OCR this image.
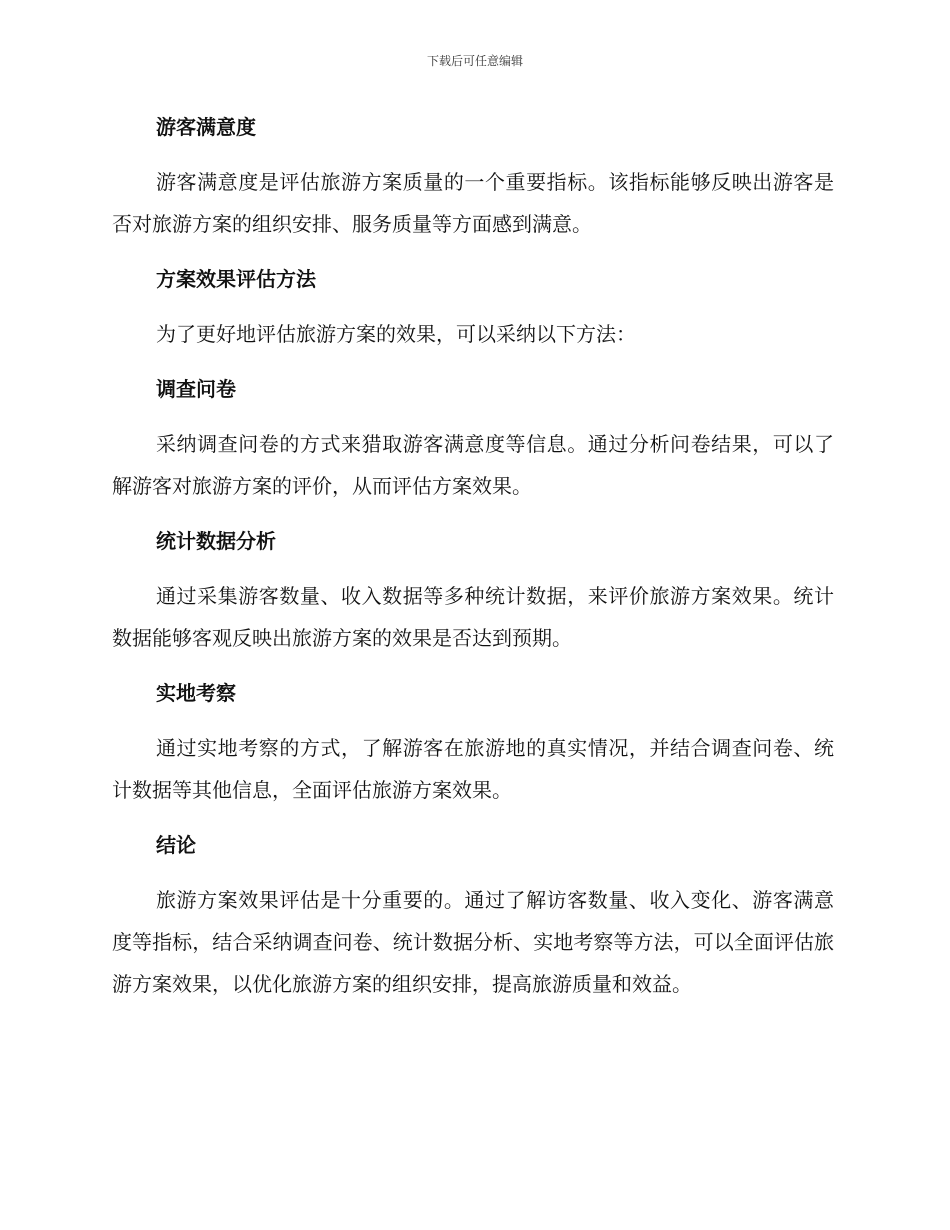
下载后可任意编辑
游客满意度

游客满意度是评估旅游方案质量的一个重要指标。该指标能够反映出游客是否对旅游方案的组织安排、服务质量等方面感到满意。

方案效果评估方法

为了更好地评估旅游方案的效果，可以采纳以下方法：

调查问卷

采纳调查问卷的方式来猎取游客满意度等信息。通过分析问卷结果，可以了解游客对旅游方案的评价，从而评估方案效果。

统计数据分析

通过采集游客数量、收入数据等多种统计数据，来评价旅游方案效果。统计数据能够客观反映出旅游方案的效果是否达到预期。

实地考察

通过实地考察的方式，了解游客在旅游地的真实情况，并结合调查问卷、统计数据等其他信息，全面评估旅游方案效果。

结论

旅游方案效果评估是十分重要的。通过了解访客数量、收入变化、游客满意度等指标，结合采纳调查问卷、统计数据分析、实地考察等方法，可以全面评估旅游方案效果，以优化旅游方案的组织安排，提高旅游质量和效益。
